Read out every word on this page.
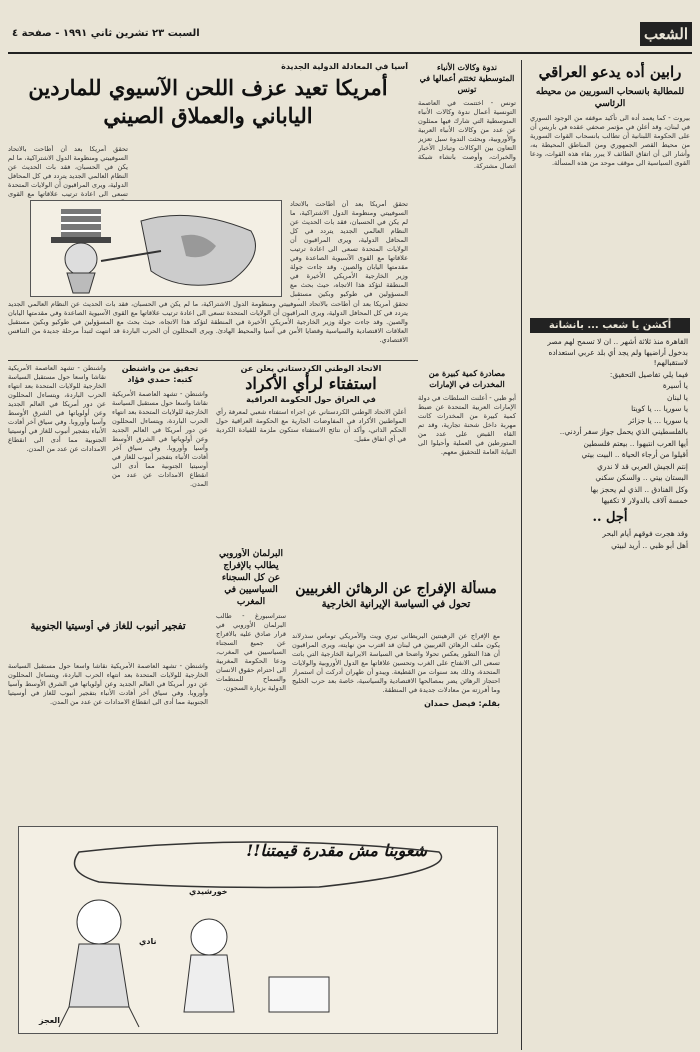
الشعب
السبت ٢٣ تشرين ثاني ١٩٩١ - صفحة ٤
رابين أده يدعو العراقي
للمطالبة بانسحاب السوريين من محيطه الرئاسي
بيروت - كما يعمد أده الى تأكيد موقفه من الوجود السوري في لبنان، وقد أعلن في مؤتمر صحفي عقده في باريس أن على الحكومة اللبنانية أن تطالب بانسحاب القوات السورية من محيط القصر الجمهوري ومن المناطق المحيطة به، وأشار الى أن اتفاق الطائف لا يبرر بقاء هذه القوات، ودعا القوى السياسية الى موقف موحد من هذه المسألة.
أكشن يا شعب ... بانشانة
القاهرة منذ ثلاثة أشهر .. ان لا تسمح لهم مصر بدخول أراضيها ولم يجد أي بلد عربي استعداده لاستقبالهم!
فيما يلي تفاصيل التحقيق:
يا أسيرة
يا لبنان
يا سوريا ... يا كويتا
يا سوريا ... يا جزائر
بالفلسطيني الذي يحمل جواز سفر أردني..
أيها العرب انتبهوا .. بيعتم فلسطين
أقيلوا من أرجاء الحياة .. البيت بيتي
إنتم الجيش العربي قد لا ندري
البستان بيتي .. والسكن سكني
وكل الفنادق .. الذي لم يحجز بها
خمسة آلاف بالدولار لا تكفيها
أجل ..
وقد هجرت فوقهم أيام البحر
أهل أبو ظبي .. أريد لبيتي
ندوة وكالات الأنباء المتوسطية تختتم أعمالها في تونس
تونس - اختتمت في العاصمة التونسية أعمال ندوة وكالات الأنباء المتوسطية التي شارك فيها ممثلون عن عدد من وكالات الأنباء العربية والأوروبية، وبحثت الندوة سبل تعزيز التعاون بين الوكالات وتبادل الأخبار والخبرات، وأوصت بانشاء شبكة اتصال مشتركة.
مصادرة كمية كبيرة من المخدرات في الإمارات
أبو ظبي - أعلنت السلطات في دولة الإمارات العربية المتحدة عن ضبط كمية كبيرة من المخدرات كانت مهربة داخل شحنة تجارية، وقد تم القاء القبض على عدد من المتورطين في العملية وأحيلوا الى النيابة العامة للتحقيق معهم.
آسيا في المعادلة الدولية الجديدة
أمريكا تعيد عزف اللحن الآسيوي للماردين الياباني والعملاق الصيني
تحقق أمريكا بعد أن أطاحت بالاتحاد السوفييتي ومنظومة الدول الاشتراكية، ما لم يكن في الحسبان، فقد بات الحديث عن النظام العالمي الجديد يتردد في كل المحافل الدولية، ويرى المراقبون أن الولايات المتحدة تسعى الى اعادة ترتيب علاقاتها مع القوى
تحقق أمريكا بعد أن أطاحت بالاتحاد السوفييتي ومنظومة الدول الاشتراكية، ما لم يكن في الحسبان، فقد بات الحديث عن النظام العالمي الجديد يتردد في كل المحافل الدولية، ويرى المراقبون أن الولايات المتحدة تسعى الى اعادة ترتيب علاقاتها مع القوى الآسيوية الصاعدة وفي مقدمتها اليابان والصين. وقد جاءت جولة وزير الخارجية الأمريكي الأخيرة في المنطقة لتؤكد هذا الاتجاه، حيث بحث مع المسؤولين في طوكيو وبكين مستقبل
تحقق أمريكا بعد أن أطاحت بالاتحاد السوفييتي ومنظومة الدول الاشتراكية، ما لم يكن في الحسبان، فقد بات الحديث عن النظام العالمي الجديد يتردد في كل المحافل الدولية، ويرى المراقبون أن الولايات المتحدة تسعى الى اعادة ترتيب علاقاتها مع القوى الآسيوية الصاعدة وفي مقدمتها اليابان والصين. وقد جاءت جولة وزير الخارجية الأمريكي الأخيرة في المنطقة لتؤكد هذا الاتجاه، حيث بحث مع المسؤولين في طوكيو وبكين مستقبل العلاقات الاقتصادية والسياسية وقضايا الأمن في آسيا والمحيط الهادئ. ويرى المحللون أن الحرب الباردة قد انتهت لتبدأ مرحلة جديدة من التنافس الاقتصادي.
واشنطن - تشهد العاصمة الأمريكية نقاشا واسعا حول مستقبل السياسة الخارجية للولايات المتحدة بعد انتهاء الحرب الباردة، ويتساءل المحللون عن دور أمريكا في العالم الجديد وعن أولوياتها في الشرق الأوسط وآسيا وأوروبا. وفي سياق آخر أفادت الأنباء بتفجير أنبوب للغاز في أوسيتيا الجنوبية مما أدى الى انقطاع الامدادات عن عدد من المدن.
تحقيق من واشنطن
كتبه: حمدي فؤاد
واشنطن - تشهد العاصمة الأمريكية نقاشا واسعا حول مستقبل السياسة الخارجية للولايات المتحدة بعد انتهاء الحرب الباردة، ويتساءل المحللون عن دور أمريكا في العالم الجديد وعن أولوياتها في الشرق الأوسط وآسيا وأوروبا. وفي سياق آخر أفادت الأنباء بتفجير أنبوب للغاز في أوسيتيا الجنوبية مما أدى الى انقطاع الامدادات عن عدد من المدن.
الاتحاد الوطني الكردستاني يعلن عن
استفتاء لرأي الأكراد
في العراق حول الحكومة العراقية
أعلن الاتحاد الوطني الكردستاني عن اجراء استفتاء شعبي لمعرفة رأي المواطنين الأكراد في المفاوضات الجارية مع الحكومة العراقية حول الحكم الذاتي، وأكد أن نتائج الاستفتاء ستكون ملزمة للقيادة الكردية في أي اتفاق مقبل.
البرلمان الأوروبي يطالب بالإفراج عن كل السجناء السياسيين في المغرب
ستراسبورغ - طالب البرلمان الأوروبي في قرار صادق عليه بالافراج عن جميع السجناء السياسيين في المغرب، ودعا الحكومة المغربية الى احترام حقوق الانسان والسماح للمنظمات الدولية بزيارة السجون.
مسألة الإفراج عن الرهائن الغربيين
تحول في السياسة الإيرانية الخارجية
مع الإفراج عن الرهينتين البريطاني تيري ويت والأمريكي توماس سذرلاند يكون ملف الرهائن الغربيين في لبنان قد اقترب من نهايته، ويرى المراقبون أن هذا التطور يعكس تحولا واضحا في السياسة الايرانية الخارجية التي باتت تسعى الى الانفتاح على الغرب وتحسين علاقاتها مع الدول الأوروبية والولايات المتحدة، وذلك بعد سنوات من القطيعة. ويبدو أن طهران أدركت أن استمرار احتجاز الرهائن يضر بمصالحها الاقتصادية والسياسية، خاصة بعد حرب الخليج وما أفرزته من معادلات جديدة في المنطقة.
بقلم: فيصل حمدان
تفجير أنبوب للغاز في أوسيتيا الجنوبية
واشنطن - تشهد العاصمة الأمريكية نقاشا واسعا حول مستقبل السياسة الخارجية للولايات المتحدة بعد انتهاء الحرب الباردة، ويتساءل المحللون عن دور أمريكا في العالم الجديد وعن أولوياتها في الشرق الأوسط وآسيا وأوروبا. وفي سياق آخر أفادت الأنباء بتفجير أنبوب للغاز في أوسيتيا الجنوبية مما أدى الى انقطاع الامدادات عن عدد من المدن.
شعوبنا مش مقدرة قيمتنا!!
العجز
خورشيدي
نادي
